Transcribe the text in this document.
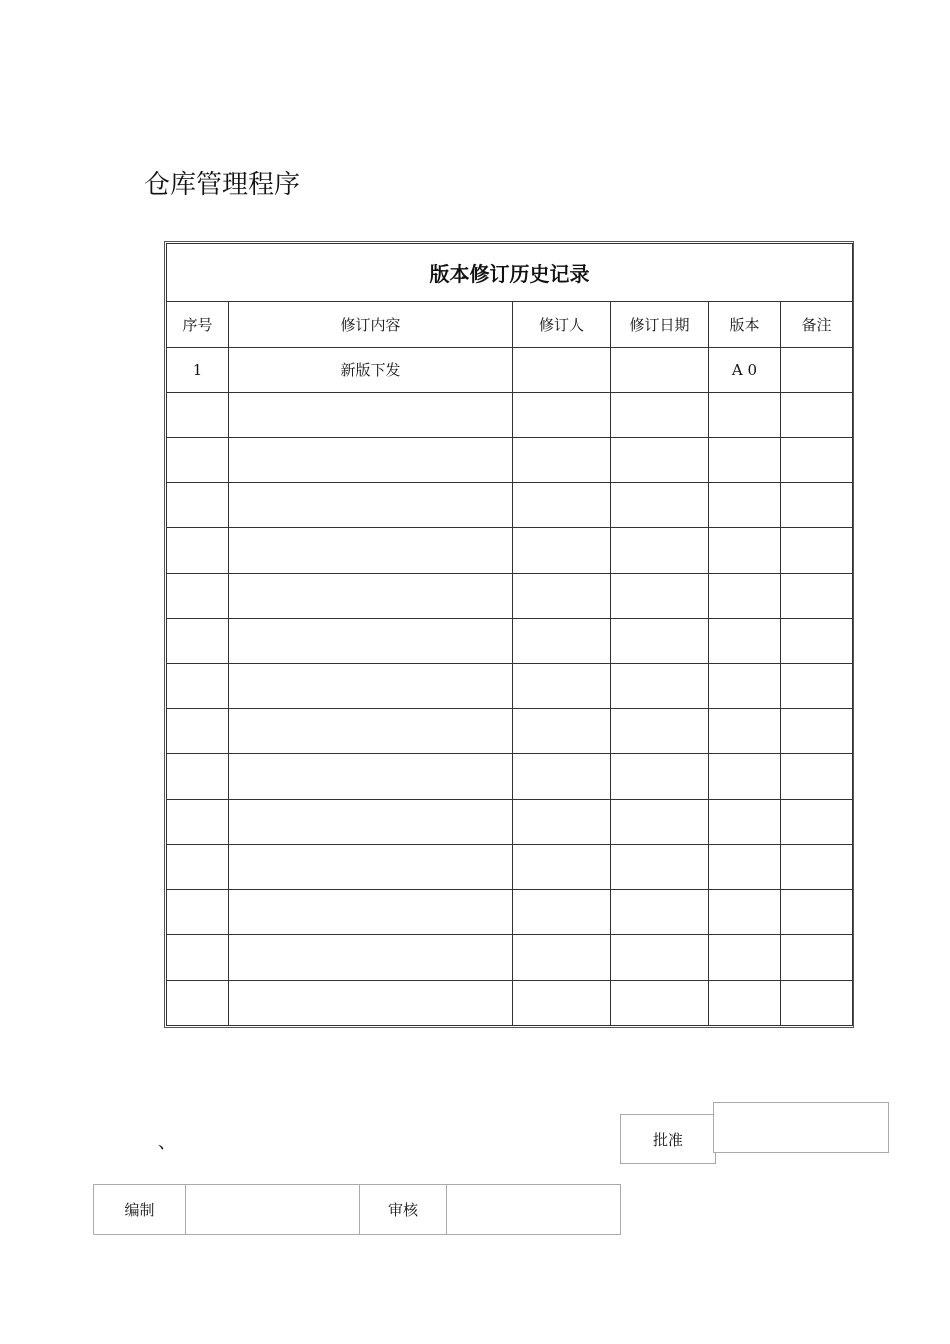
仓库管理程序
版本修订历史记录					
序号	修订内容	修订人	修订日期	版本	备注
1	新版下发			A 0	

、	批准
编制	审核
